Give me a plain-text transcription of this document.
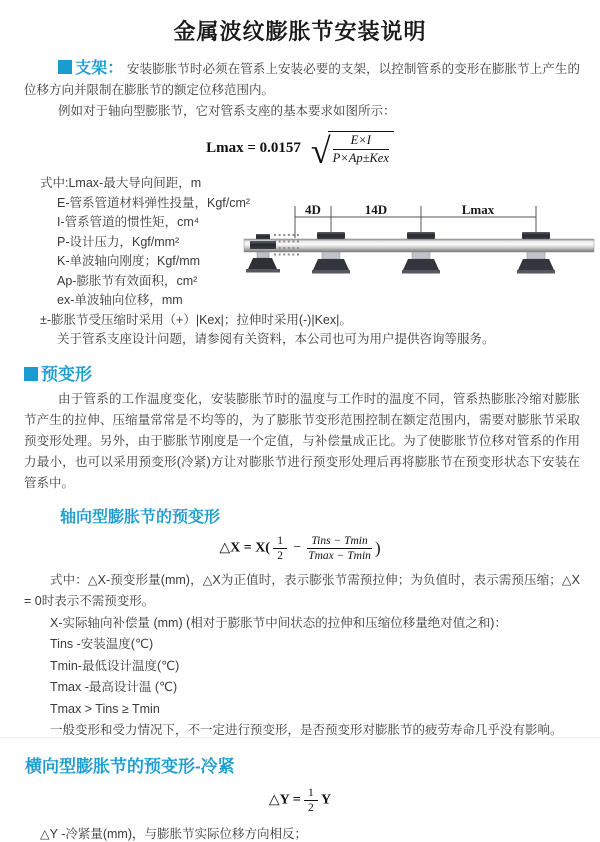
金属波纹膨胀节安装说明

支架： 安装膨胀节时必须在管系上安装必要的支架，以控制管系的变形在膨胀节上产生的位移方向并限制在膨胀节的额定位移范围内。

例如对于轴向型膨胀节，它对管系支座的基本要求如图所示：

Lmax = 0.0157 √ $\frac{E\times I}{\text{P×Ap±Kex}}$
式中:Lmax-最大导向间距，m
E-管系管道材料弹性投量，Kgf/cm²
I-管系管道的惯性矩，cm⁴
P-设计压力，Kgf/mm²
K-单波轴向刚度；Kgf/mm
Ap-膨胀节有效面积，cm²
ex-单波轴向位移，mm
±-膨胀节受压缩时采用（+）|Kex|；拉伸时采用(-)|Kex|。
关于管系支座设计问题，请参阅有关资料，本公司也可为用户提供咨询等服务。
4D	14D	Lmax
预变形

由于管系的工作温度变化，安装膨胀节时的温度与工作时的温度不同，管系热膨胀冷缩对膨胀节产生的拉伸、压缩量常常是不均等的，为了膨胀节变形范围控制在额定范围内，需要对膨胀节采取预变形处理。另外，由于膨胀节刚度是一个定值，与补偿量成正比。为了使膨胀节位移对管系的作用力最小，也可以采用预变形(冷紧)方让对膨胀节进行预变形处理后再将膨胀节在预变形状态下安装在管系中。

轴向型膨胀节的预变形
△X = $X( \frac{1}{2} - \frac{\text{Tins − Tmin}}{Tmax - Tmin}$ )

式中：△X-预变形量(mm)，△X为正值时，表示膨张节需预拉伸；为负值时，表示需预压缩；△X = 0时表示不需预变形。

X-实际轴向补偿量 (mm) (相对于膨胀节中间状态的拉伸和压缩位移量绝对值之和)：
Tins -安装温度(℃)
Tmin-最低设计温度(℃)
Tmax -最高设计温 (℃)
Tmax > Tins ≥ Tmin
一般变形和受力情况下，不一定进行预变形，是否预变形对膨胀节的疲劳寿命几乎没有影响。
横向型膨胀节的预变形-冷紧
△Y = $\frac{1}{2}$ Y
△Y -冷紧量(mm)，与膨胀节实际位移方向相反；
